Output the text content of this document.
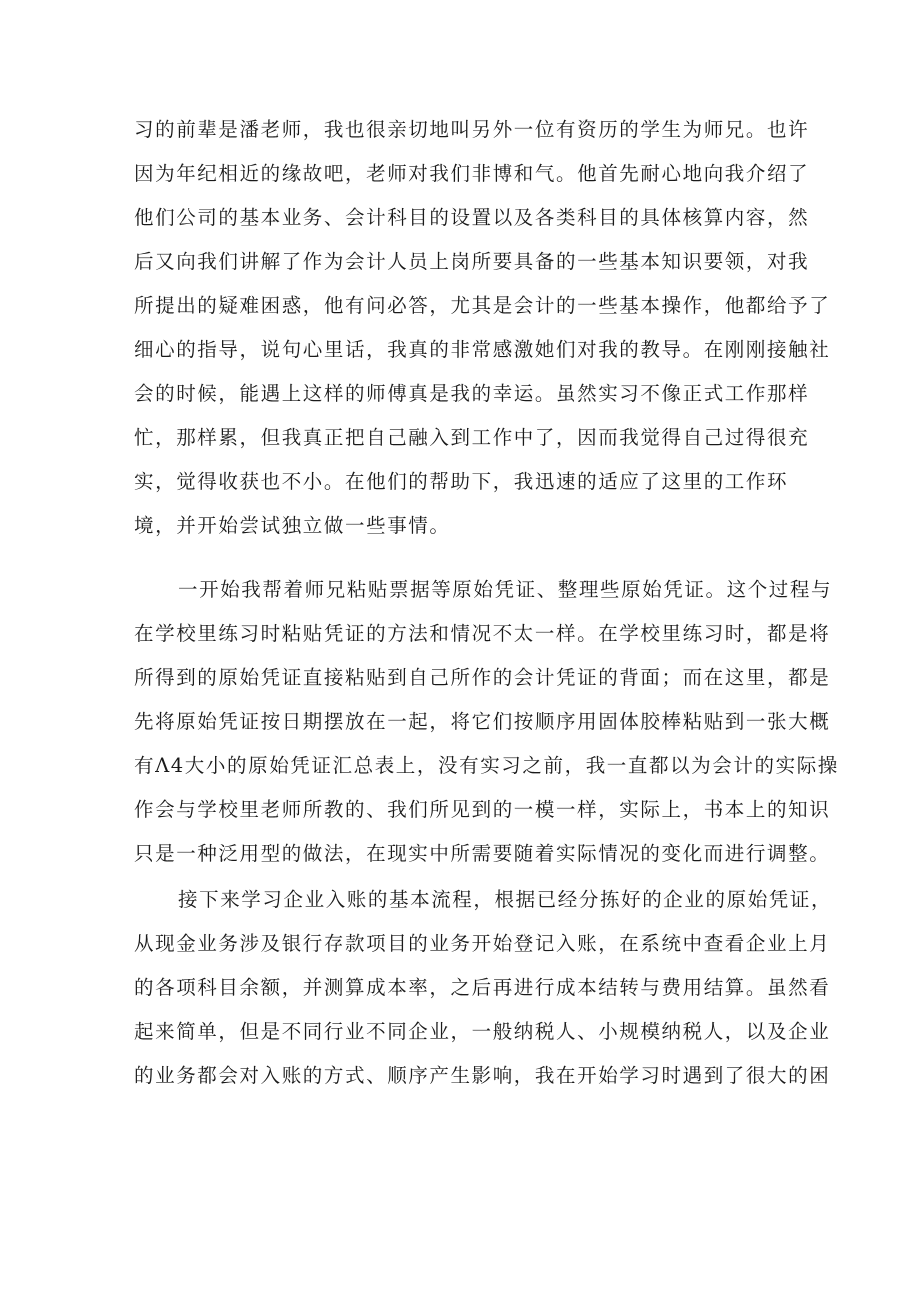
习的前辈是潘老师，我也很亲切地叫另外一位有资历的学生为师兄。也许
因为年纪相近的缘故吧，老师对我们非博和气。他首先耐心地向我介绍了
他们公司的基本业务、会计科目的设置以及各类科目的具体核算内容，然
后又向我们讲解了作为会计人员上岗所要具备的一些基本知识要领，对我
所提出的疑难困惑，他有问必答，尤其是会计的一些基本操作，他都给予了
细心的指导，说句心里话，我真的非常感激她们对我的教导。在刚刚接触社
会的时候，能遇上这样的师傅真是我的幸运。虽然实习不像正式工作那样
忙，那样累，但我真正把自己融入到工作中了，因而我觉得自己过得很充
实，觉得收获也不小。在他们的帮助下，我迅速的适应了这里的工作环
境，并开始尝试独立做一些事情。
一开始我帮着师兄粘贴票据等原始凭证、整理些原始凭证。这个过程与
在学校里练习时粘贴凭证的方法和情况不太一样。在学校里练习时，都是将
所得到的原始凭证直接粘贴到自己所作的会计凭证的背面；而在这里，都是
先将原始凭证按日期摆放在一起，将它们按顺序用固体胶棒粘贴到一张大概
有Λ4大小的原始凭证汇总表上，没有实习之前，我一直都以为会计的实际操
作会与学校里老师所教的、我们所见到的一模一样，实际上，书本上的知识
只是一种泛用型的做法，在现实中所需要随着实际情况的变化而进行调整。
接下来学习企业入账的基本流程，根据已经分拣好的企业的原始凭证，
从现金业务涉及银行存款项目的业务开始登记入账，在系统中查看企业上月
的各项科目余额，并测算成本率，之后再进行成本结转与费用结算。虽然看
起来简单，但是不同行业不同企业，一般纳税人、小规模纳税人，以及企业
的业务都会对入账的方式、顺序产生影响，我在开始学习时遇到了很大的困
